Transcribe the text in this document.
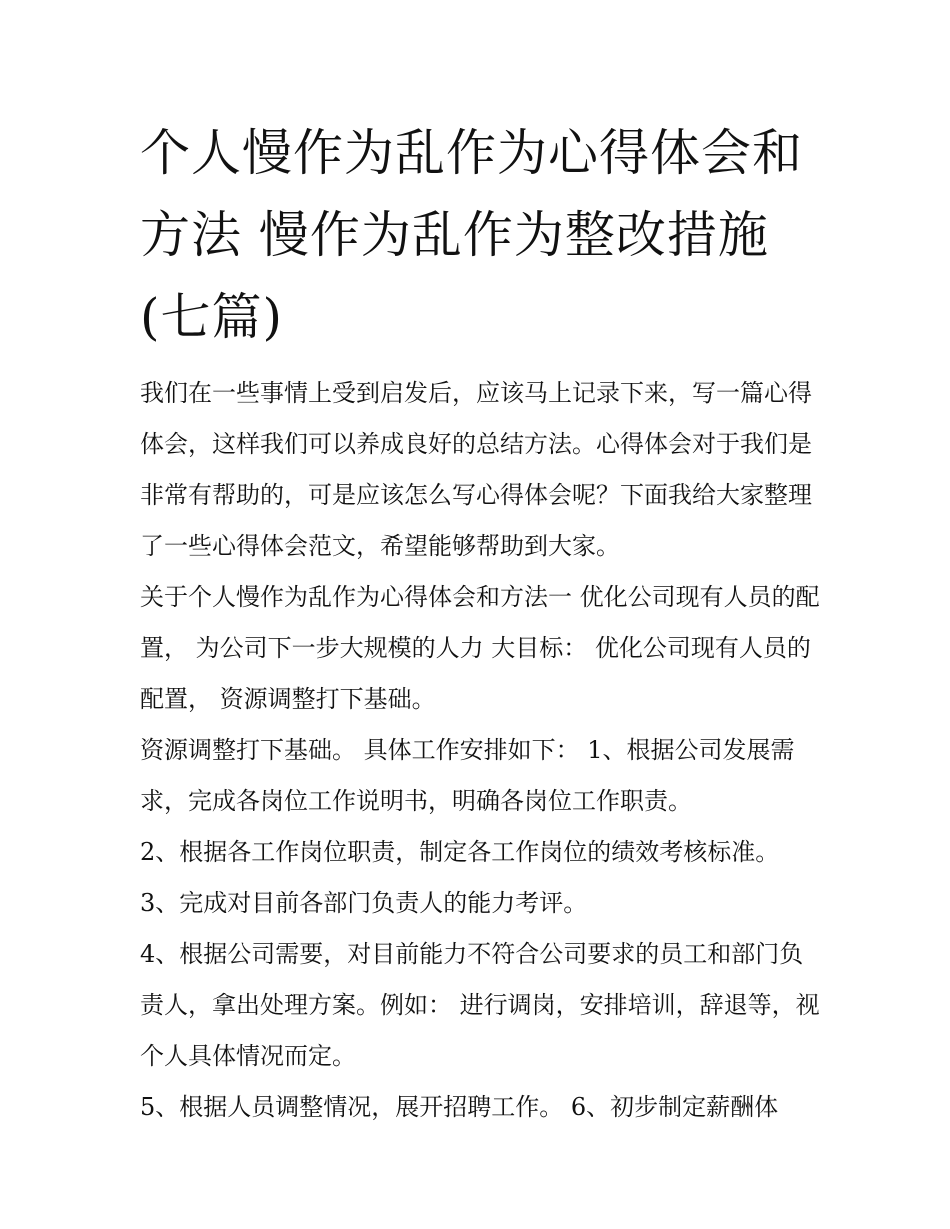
个人慢作为乱作为心得体会和方法 慢作为乱作为整改措施(七篇)

我们在一些事情上受到启发后，应该马上记录下来，写一篇心得体会，这样我们可以养成良好的总结方法。心得体会对于我们是非常有帮助的，可是应该怎么写心得体会呢？下面我给大家整理了一些心得体会范文，希望能够帮助到大家。

关于个人慢作为乱作为心得体会和方法一 优化公司现有人员的配置， 为公司下一步大规模的人力 大目标： 优化公司现有人员的配置， 资源调整打下基础。

资源调整打下基础。 具体工作安排如下： 1、根据公司发展需求，完成各岗位工作说明书，明确各岗位工作职责。

2、根据各工作岗位职责，制定各工作岗位的绩效考核标准。

3、完成对目前各部门负责人的能力考评。

4、根据公司需要，对目前能力不符合公司要求的员工和部门负责人，拿出处理方案。例如： 进行调岗，安排培训，辞退等，视个人具体情况而定。

5、根据人员调整情况，展开招聘工作。 6、初步制定薪酬体
